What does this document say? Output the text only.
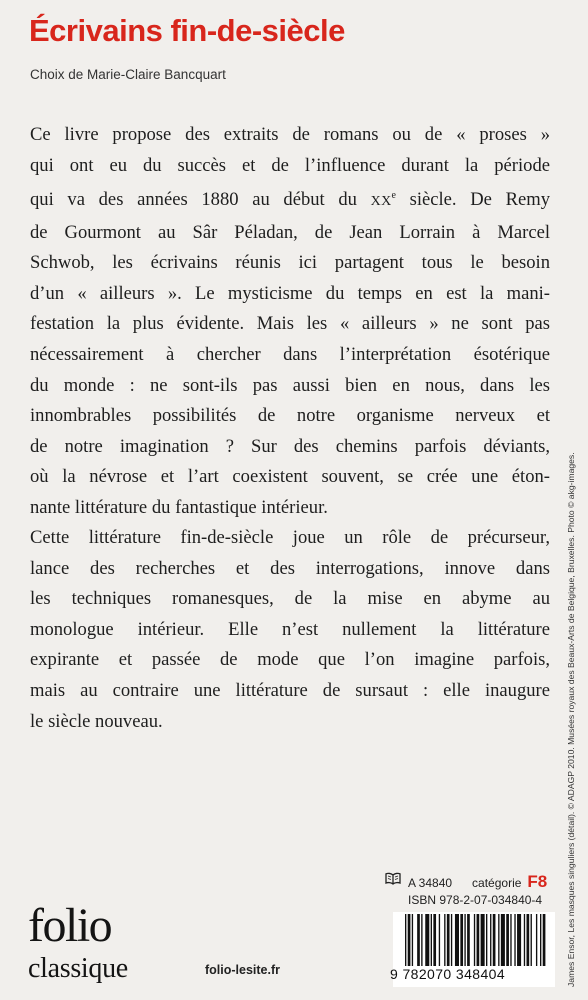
Écrivains fin-de-siècle
Choix de Marie-Claire Bancquart
Ce livre propose des extraits de romans ou de « proses »
qui ont eu du succès et de l’influence durant la période
qui va des années 1880 au début du XXe siècle. De Remy
de Gourmont au Sâr Péladan, de Jean Lorrain à Marcel
Schwob, les écrivains réunis ici partagent tous le besoin
d’un « ailleurs ». Le mysticisme du temps en est la mani-
festation la plus évidente. Mais les « ailleurs » ne sont pas
nécessairement à chercher dans l’interprétation ésotérique
du monde : ne sont-ils pas aussi bien en nous, dans les
innombrables possibilités de notre organisme nerveux et
de notre imagination ? Sur des chemins parfois déviants,
où la névrose et l’art coexistent souvent, se crée une éton-
nante littérature du fantastique intérieur.
Cette littérature fin-de-siècle joue un rôle de précurseur,
lance des recherches et des interrogations, innove dans
les techniques romanesques, de la mise en abyme au
monologue intérieur. Elle n’est nullement la littérature
expirante et passée de mode que l’on imagine parfois,
mais au contraire une littérature de sursaut : elle inaugure
le siècle nouveau.	James Ensor, Les masques singuliers (détail). © ADAGP 2010. Musées royaux des Beaux-Arts de Belgique, Bruxelles. Photo © akg-images.
A 34840 catégorie F8
ISBN 978-2-07-034840-4
9 782070 348404
folio
classique	folio-lesite.fr
